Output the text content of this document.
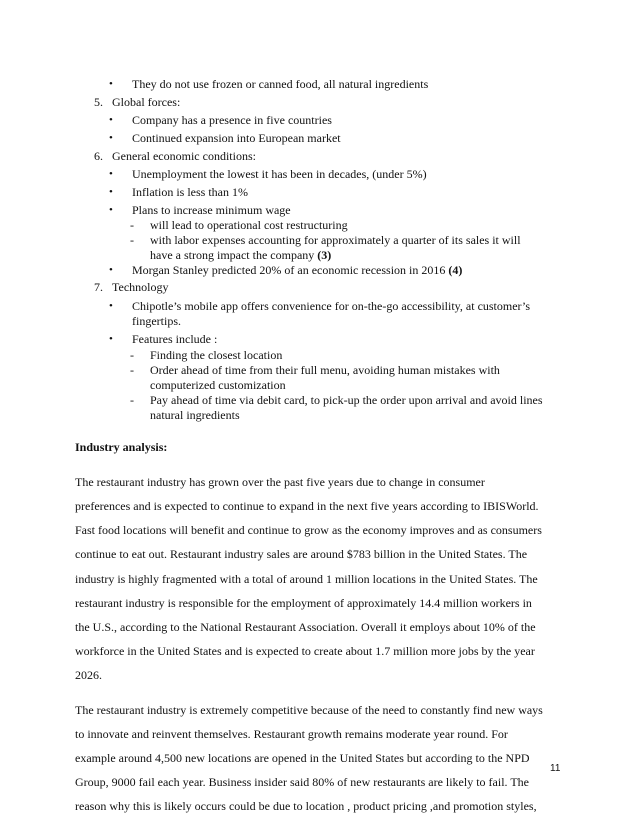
• They do not use frozen or canned food, all natural ingredients
5. Global forces:
• Company has a presence in five countries
• Continued expansion into European market
6. General economic conditions:
• Unemployment the lowest it has been in decades, (under 5%)
• Inflation is less than 1%
• Plans to increase minimum wage
- will lead to operational cost restructuring
- with labor expenses accounting for approximately a quarter of its sales it will
have a strong impact the company (3)
• Morgan Stanley predicted 20% of an economic recession in 2016 (4)
7. Technology
• Chipotle’s mobile app offers convenience for on-the-go accessibility, at customer’s
fingertips.
• Features include :
- Finding the closest location
- Order ahead of time from their full menu, avoiding human mistakes with
computerized customization
- Pay ahead of time via debit card, to pick-up the order upon arrival and avoid lines
natural ingredients
Industry analysis:
The restaurant industry has grown over the past five years due to change in consumer
preferences and is expected to continue to expand in the next five years according to IBISWorld.
Fast food locations will benefit and continue to grow as the economy improves and as consumers
continue to eat out. Restaurant industry sales are around $783 billion in the United States. The
industry is highly fragmented with a total of around 1 million locations in the United States. The
restaurant industry is responsible for the employment of approximately 14.4 million workers in
the U.S., according to the National Restaurant Association. Overall it employs about 10% of the
workforce in the United States and is expected to create about 1.7 million more jobs by the year
2026.
The restaurant industry is extremely competitive because of the need to constantly find new ways
to innovate and reinvent themselves. Restaurant growth remains moderate year round. For
example around 4,500 new locations are opened in the United States but according to the NPD
Group, 9000 fail each year. Business insider said 80% of new restaurants are likely to fail. The
reason why this is likely occurs could be due to location , product pricing ,and promotion styles,
11
